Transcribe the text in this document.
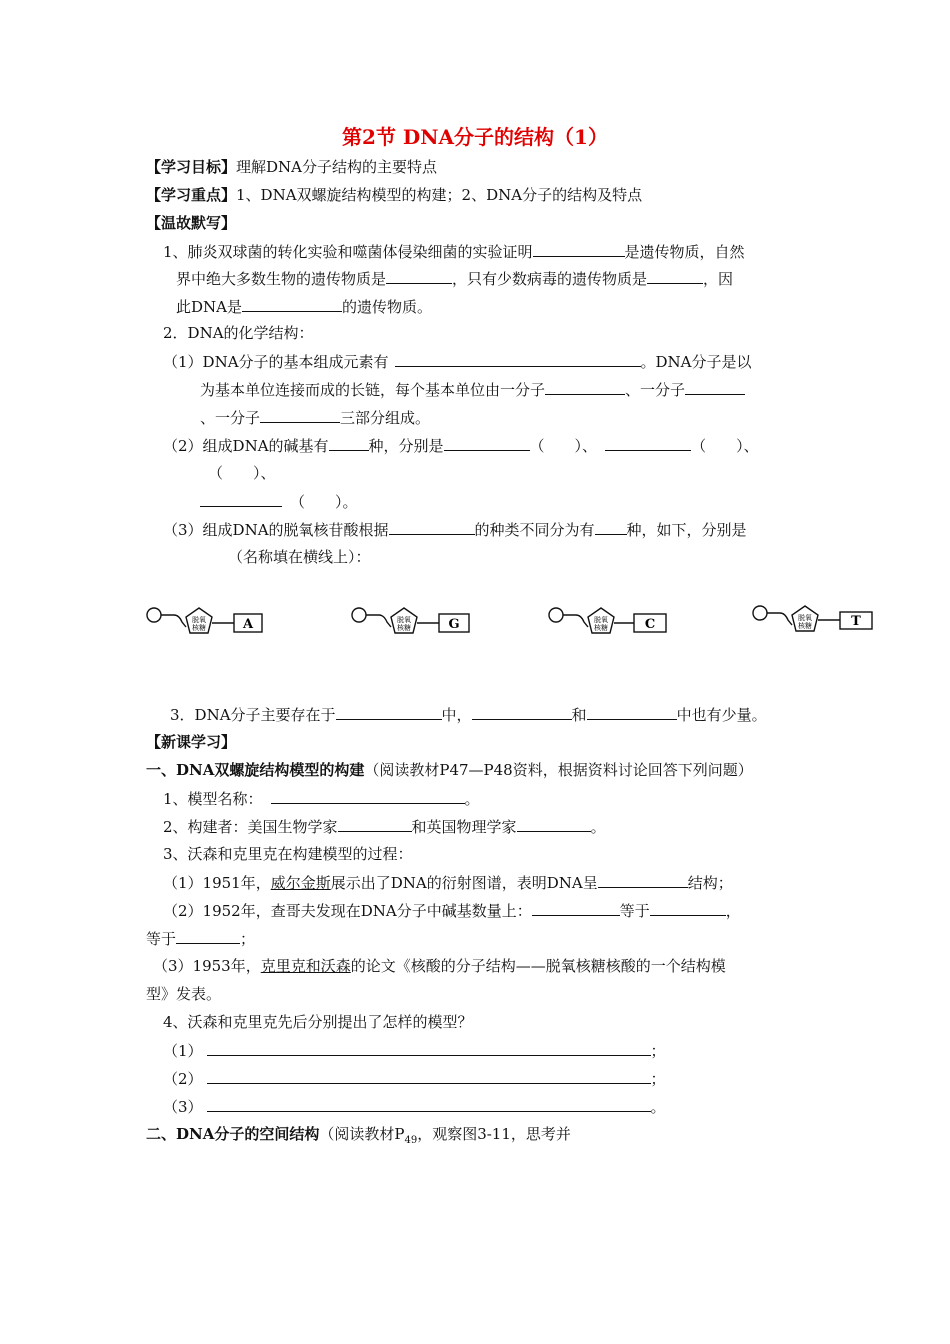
第2节 DNA分子的结构（1）
【学习目标】理解DNA分子结构的主要特点
【学习重点】1、DNA双螺旋结构模型的构建；2、DNA分子的结构及特点
【温故默写】
1、肺炎双球菌的转化实验和噬菌体侵染细菌的实验证明	是遗传物质，自然
界中绝大多数生物的遗传物质是	，只有少数病毒的遗传物质是	，因
此DNA是	的遗传物质。
2．DNA的化学结构：
（1）DNA分子的基本组成元素有	。DNA分子是以
为基本单位连接而成的长链，每个基本单位由一分子	、一分子
、一分子	三部分组成。
（2）组成DNA的碱基有	种，分别是	（　　）、	（　　）、
（　　）、
（　　）。
（3）组成DNA的脱氧核苷酸根据	的种类不同分为有 种，如下，分别是
（名称填在横线上）：
脱氧
核糖	A	脱氧
核糖	G	脱氧
核糖	C	脱氧
核糖	T
3．DNA分子主要存在于	中，	和	中也有少量。
【新课学习】
一、DNA双螺旋结构模型的构建（阅读教材P47—P48资料，根据资料讨论回答下列问题）
1、模型名称：	。
2、构建者：美国生物学家	和英国物理学家	。
3、沃森和克里克在构建模型的过程：
（1）1951年，威尔金斯展示出了DNA的衍射图谱，表明DNA呈	结构；
（2）1952年，查哥夫发现在DNA分子中碱基数量上：	等于	，
等于	；
（3）1953年，克里克和沃森的论文《核酸的分子结构——脱氧核糖核酸的一个结构模
型》发表。
4、沃森和克里克先后分别提出了怎样的模型？
（1）	；
（2）	；
（3）	。
二、DNA分子的空间结构（阅读教材$P_{49}$，观察图3-11，思考并
